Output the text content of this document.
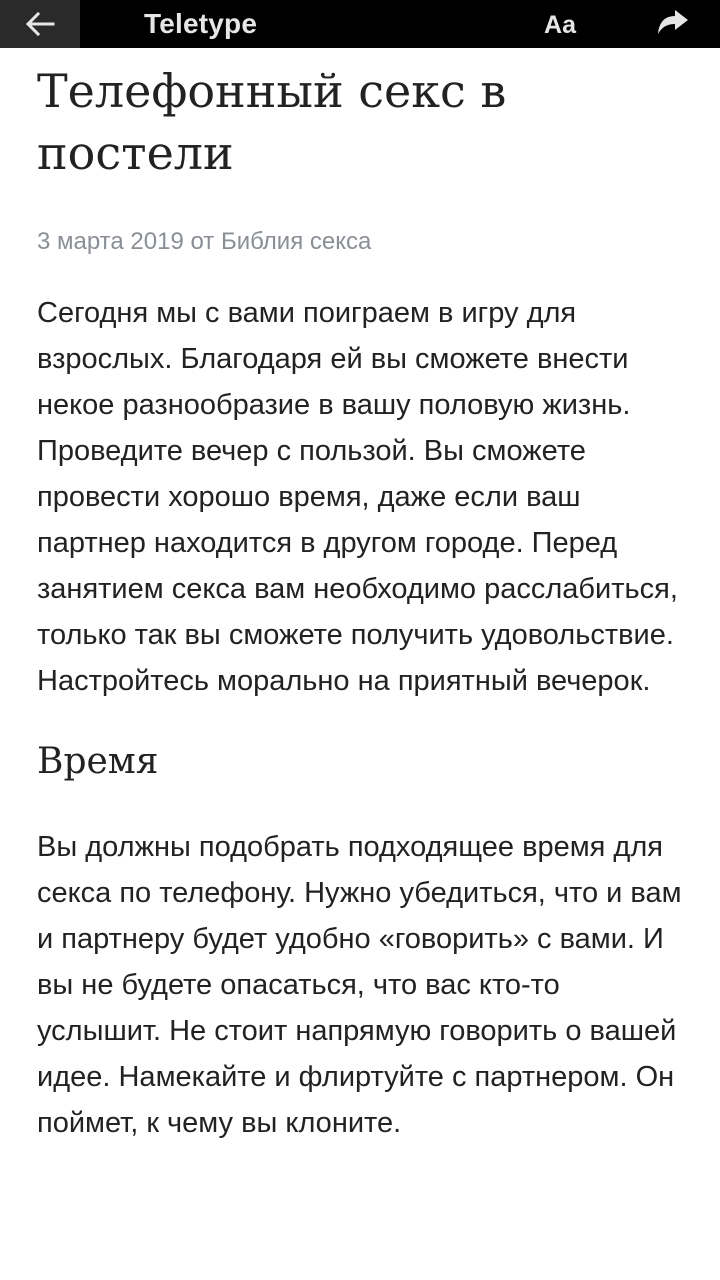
Teletype	Aa
Телефонный секс в постели
3 марта 2019 от Библия секса

Сегодня мы с вами поиграем в игру для взрослых. Благодаря ей вы сможете внести некое разнообразие в вашу половую жизнь. Проведите вечер с пользой. Вы сможете провести хорошо время, даже если ваш партнер находится в другом городе. Перед занятием секса вам необходимо расслабиться, только так вы сможете получить удовольствие. Настройтесь морально на приятный вечерок.

Время

Вы должны подобрать подходящее время для секса по телефону. Нужно убедиться, что и вам и партнеру будет удобно «говорить» с вами. И вы не будете опасаться, что вас кто-то услышит. Не стоит напрямую говорить о вашей идее. Намекайте и флиртуйте с партнером. Он поймет, к чему вы клоните.
